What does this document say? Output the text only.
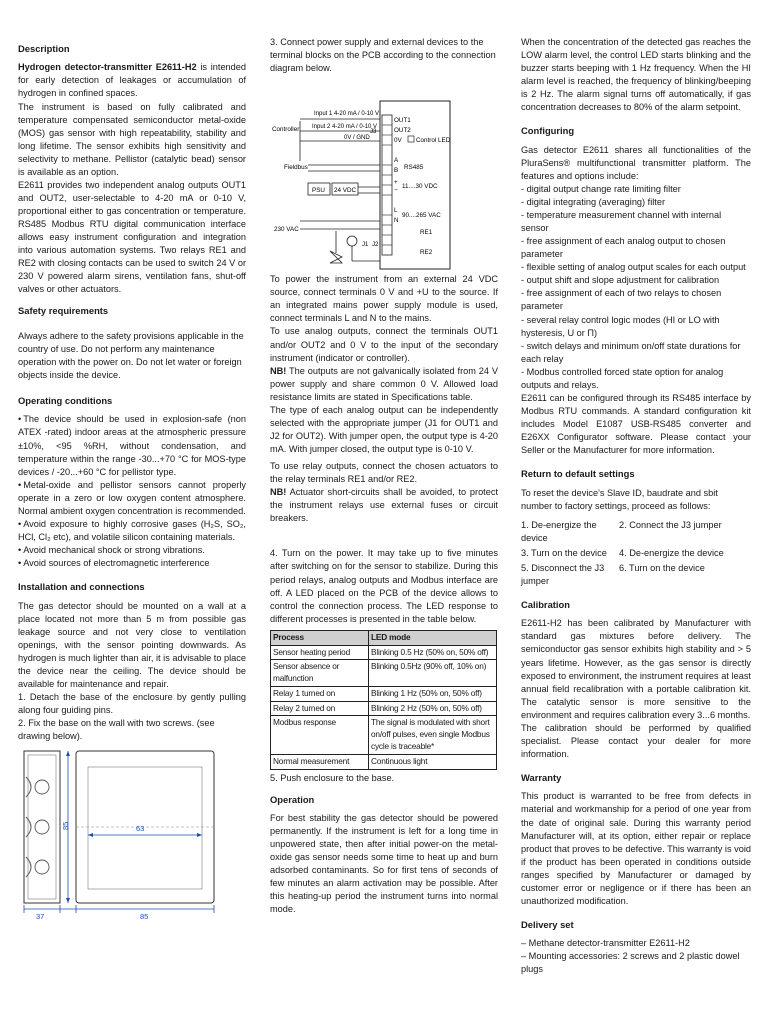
Description

Hydrogen detector-transmitter E2611-H2 is intended for early detection of leakages or accumulation of hydrogen in confined spaces.

The instrument is based on fully calibrated and temperature compensated semiconductor metal-oxide (MOS) gas sensor with high repeatability, stability and long lifetime. The sensor exhibits high sensitivity and selectivity to methane. Pellistor (catalytic bead) sensor is available as an option.

E2611 provides two independent analog outputs OUT1 and OUT2, user-selectable to 4-20 mA or 0-10 V, proportional either to gas concentration or temperature. RS485 Modbus RTU digital communication interface allows easy instrument configuration and integration into various automation systems. Two relays RE1 and RE2 with closing contacts can be used to switch 24 V or 230 V powered alarm sirens, ventilation fans, shut-off valves or other actuators.

Safety requirements

Always adhere to the safety provisions applicable in the country of use. Do not perform any maintenance operation with the power on. Do not let water or foreign objects inside the device.

Operating conditions

• The device should be used in explosion-safe (non ATEX -rated) indoor areas at the atmospheric pressure ±10%, <95 %RH, without condensation, and temperature within the range -30...+70 °C for MOS-type devices / -20...+60 °C for pellistor type.

• Metal-oxide and pellistor sensors cannot properly operate in a zero or low oxygen content atmosphere. Normal ambient oxygen concentration is recommended.

• Avoid exposure to highly corrosive gases (H₂S, SO₂, HCl, Cl₂ etc), and volatile silicon containing materials.

• Avoid mechanical shock or strong vibrations.

• Avoid sources of electromagnetic interference

Installation and connections

The gas detector should be mounted on a wall at a place located not more than 5 m from possible gas leakage source and not very close to ventilation openings, with the sensor pointing downwards. As hydrogen is much lighter than air, it is advisable to place the device near the ceiling. The device should be available for maintenance and repair.

1. Detach the base of the enclosure by gently pulling along four guiding pins.

2. Fix the base on the wall with two screws. (see drawing below).

63
85
37	85

3. Connect power supply and external devices to the terminal blocks on the PCB according to the connection diagram below.

Controller
Input 1 4-20 mA / 0-10 V
Input 2 4-20 mA / 0-10 V
0V / GND
Fieldbus
PSU 24 VDC
230 VAC
OUT1
OUT2
0V Control LED
A
B RS485
+
−
11....30 VDC
L
N
90....265 VAC
RE1
RE2
J1 J2
J3

To power the instrument from an external 24 VDC source, connect terminals 0 V and +U to the source. If an integrated mains power supply module is used, connect terminals L and N to the mains.

To use analog outputs, connect the terminals OUT1 and/or OUT2 and 0 V to the input of the secondary instrument (indicator or controller).

NB! The outputs are not galvanically isolated from 24 V power supply and share common 0 V. Allowed load resistance limits are stated in Specifications table.

The type of each analog output can be independently selected with the appropriate jumper (J1 for OUT1 and J2 for OUT2). With jumper open, the output type is 4-20 mA. With jumper closed, the output type is 0-10 V.

To use relay outputs, connect the chosen actuators to the relay terminals RE1 and/or RE2.

NB! Actuator short-circuits shall be avoided, to protect the instrument relays use external fuses or circuit breakers.

4. Turn on the power. It may take up to five minutes after switching on for the sensor to stabilize. During this period relays, analog outputs and Modbus interface are off. A LED placed on the PCB of the device allows to control the connection process. The LED response to different processes is presented in the table below.

Process	LED mode
Sensor heating period	Blinking 0.5 Hz (50% on, 50% off)
Sensor absence or malfunction	Blinking 0.5Hz (90% off, 10% on)
Relay 1 turned on	Blinking 1 Hz (50% on, 50% off)
Relay 2 turned on	Blinking 2 Hz (50% on, 50% off)
Modbus response	The signal is modulated with short on/off pulses, even single Modbus cycle is traceable*
Normal measurement	Continuous light

5. Push enclosure to the base.

Operation

For best stability the gas detector should be powered permanently. If the instrument is left for a long time in unpowered state, then after initial power-on the metal-oxide gas sensor needs some time to heat up and burn adsorbed contaminants. So for first tens of seconds of few minutes an alarm activation may be possible. After this heating-up period the instrument turns into normal mode.

When the concentration of the detected gas reaches the LOW alarm level, the control LED starts blinking and the buzzer starts beeping with 1 Hz frequency. When the HI alarm level is reached, the frequency of blinking/beeping is 2 Hz. The alarm signal turns off automatically, if gas concentration decreases to 80% of the alarm setpoint.

Configuring

Gas detector E2611 shares all functionalities of the PluraSens® multifunctional transmitter platform. The features and options include:

- digital output change rate limiting filter

- digital integrating (averaging) filter

- temperature measurement channel with internal sensor

- free assignment of each analog output to chosen parameter

- flexible setting of analog output scales for each output

- output shift and slope adjustment for calibration

- free assignment of each of two relays to chosen parameter

- several relay control logic modes (HI or LO with hysteresis, U or П)

- switch delays and minimum on/off state durations for each relay

- Modbus controlled forced state option for analog outputs and relays.

E2611 can be configured through its RS485 interface by Modbus RTU commands. A standard configuration kit includes Model E1087 USB-RS485 converter and E26XX Configurator software. Please contact your Seller or the Manufacturer for more information.

Return to default settings

To reset the device's Slave ID, baudrate and sbit number to factory settings, proceed as follows:

1. De-energize the device
2. Connect the J3 jumper
3. Turn on the device	4. De-energize the device
5. Disconnect the J3 jumper
6. Turn on the device
Calibration

E2611-H2 has been calibrated by Manufacturer with standard gas mixtures before delivery. The semiconductor gas sensor exhibits high stability and > 5 years lifetime. However, as the gas sensor is directly exposed to environment, the instrument requires at least annual field recalibration with a portable calibration kit. The catalytic sensor is more sensitive to the environment and requires calibration every 3...6 months.

The calibration should be performed by qualified specialist. Please contact your dealer for more information.

Warranty

This product is warranted to be free from defects in material and workmanship for a period of one year from the date of original sale. During this warranty period Manufacturer will, at its option, either repair or replace product that proves to be defective. This warranty is void if the product has been operated in conditions outside ranges specified by Manufacturer or damaged by customer error or negligence or if there has been an unauthorized modification.

Delivery set

– Methane detector-transmitter E2611-H2

– Mounting accessories: 2 screws and 2 plastic dowel plugs
